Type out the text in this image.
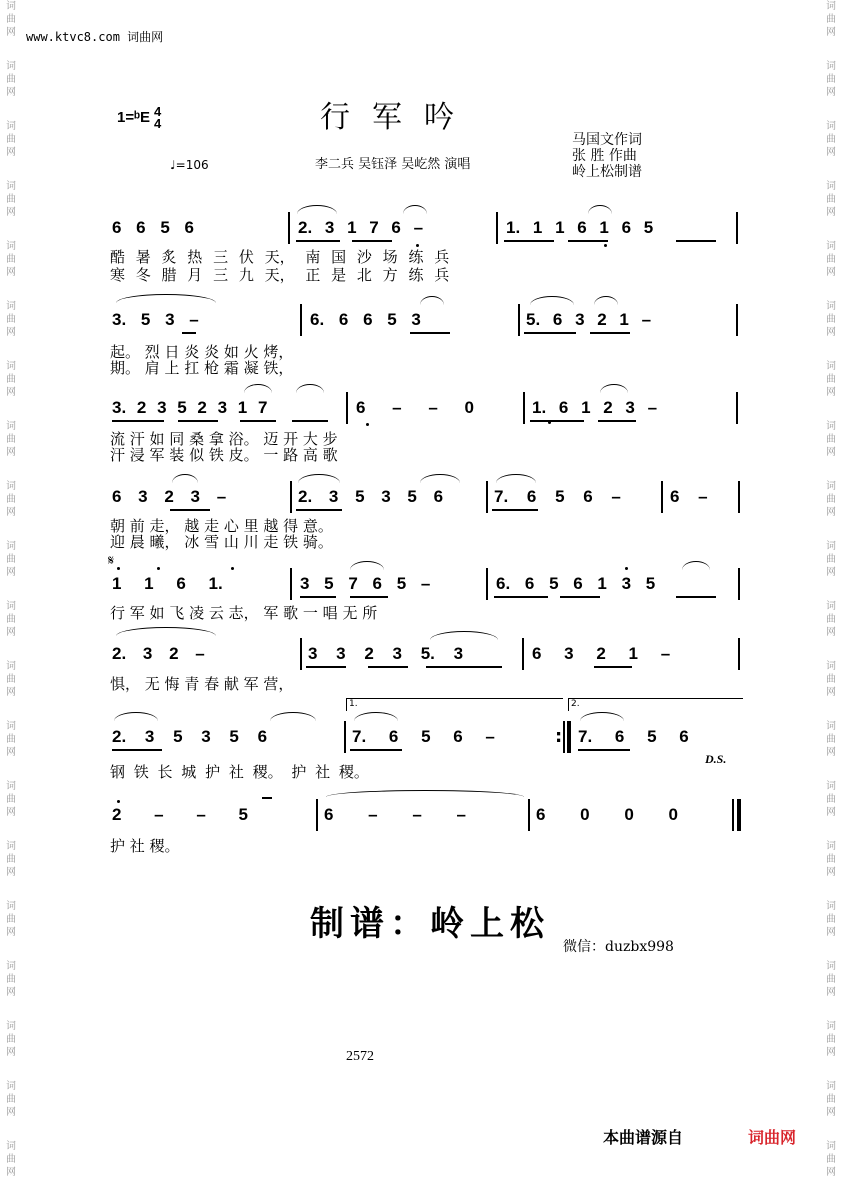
词
曲
网
词
曲
网
词
曲
网
词
曲
网
词
曲
网
词
曲
网
词
曲
网
词
曲
网
词
曲
网
词
曲
网
词
曲
网
词
曲
网
词
曲
网
词
曲
网
词
曲
网
词
曲
网
词
曲
网
词
曲
网
词
曲
网
词
曲
网
词
曲
网
词
曲
网
词
曲
网
词
曲
网
词
曲
网
词
曲
网
词
曲
网
词
曲
网
词
曲
网
词
曲
网
词
曲
网
词
曲
网
词
曲
网
词
曲
网
词
曲
网
词
曲
网
词
曲
网
词
曲
网
词
曲
网
词
曲
网
www.ktvc8.com 词曲网
1=ᵇE 4
4	行军吟
♩=106	李二兵 吴钰泽 吴屹然 演唱
马国文作词
张 胜 作曲
岭上松制谱
6 6 5 6	2. 3 1 7 6 –	1. 1 1 6 1 6 5
酷 暑 炙 热 三 伏 天， 南 国 沙 场 练 兵
寒 冬 腊 月 三 九 天， 正 是 北 方 练 兵
3. 5 3 –	6. 6 6 5 3	5. 6 3 2 1 –
起。 烈 日 炎 炎 如 火 烤，
期。 肩 上 扛 枪 霜 凝 铁，
3. 2 3 5 2 3 1 7	6 – – 0	1. 6 1 2 3 –
流 汗 如 同 桑 拿 浴。 迈 开 大 步
汗 浸 军 装 似 铁 皮。 一 路 高 歌
6 3 2 3 –	2. 3 5 3 5 6	7. 6 5 6 –	6 –
朝 前 走， 越 走 心 里 越 得 意。
迎 晨 曦， 冰 雪 山 川 走 铁 骑。
𝄋
1 1 6 1.	3 5 7 6 5 –	6. 6 5 6 1 3 5
行 军 如 飞 凌 云 志， 军 歌 一 唱 无 所
2. 3 2 –	3 3 2 3 5. 3	6 3 2 1 –
惧， 无 悔 青 春 献 军 营，
1.	2.
2. 3 5 3 5 6	7. 6 5 6 –	: 7. 6 5 6
D.S.
钢 铁 长 城 护 社 稷。 护 社 稷。
2 – – 5	6 – – –	6 0 0 0
护 社 稷。
制谱：岭上松
微信：duzbx998
2572
本曲谱源自	词曲网
